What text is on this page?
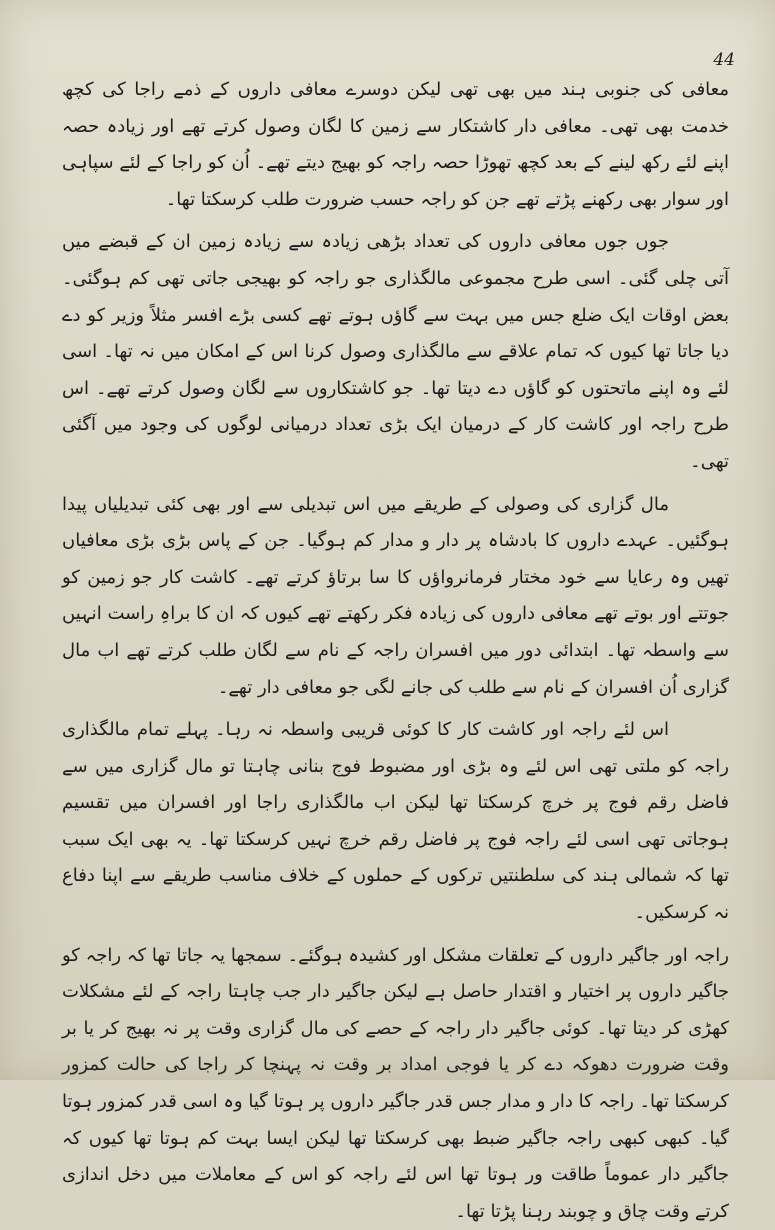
44

معافی کی جنوبی ہند میں بھی تھی لیکن دوسرے معافی داروں کے ذمے راجا کی کچھ خدمت بھی تھی۔ معافی دار کاشتکار سے زمین کا لگان وصول کرتے تھے اور زیادہ حصہ اپنے لئے رکھ لینے کے بعد کچھ تھوڑا حصہ راجہ کو بھیج دیتے تھے۔ اُن کو راجا کے لئے سپاہی اور سوار بھی رکھنے پڑتے تھے جن کو راجہ حسب ضرورت طلب کرسکتا تھا۔

جوں جوں معافی داروں کی تعداد بڑھی زیادہ سے زیادہ زمین ان کے قبضے میں آتی چلی گئی۔ اسی طرح مجموعی مالگذاری جو راجہ کو بھیجی جاتی تھی کم ہوگئی۔ بعض اوقات ایک ضلع جس میں بہت سے گاؤں ہوتے تھے کسی بڑے افسر مثلاً وزیر کو دے دیا جاتا تھا کیوں کہ تمام علاقے سے مالگذاری وصول کرنا اس کے امکان میں نہ تھا۔ اسی لئے وہ اپنے ماتحتوں کو گاؤں دے دیتا تھا۔ جو کاشتکاروں سے لگان وصول کرتے تھے۔ اس طرح راجہ اور کاشت کار کے درمیان ایک بڑی تعداد درمیانی لوگوں کی وجود میں آگئی تھی۔

مال گزاری کی وصولی کے طریقے میں اس تبدیلی سے اور بھی کئی تبدیلیاں پیدا ہوگئیں۔ عہدے داروں کا بادشاہ پر دار و مدار کم ہوگیا۔ جن کے پاس بڑی بڑی معافیاں تھیں وہ رعایا سے خود مختار فرمانرواؤں کا سا برتاؤ کرتے تھے۔ کاشت کار جو زمین کو جوتتے اور بوتے تھے معافی داروں کی زیادہ فکر رکھتے تھے کیوں کہ ان کا براہِ راست انہیں سے واسطہ تھا۔ ابتدائی دور میں افسران راجہ کے نام سے لگان طلب کرتے تھے اب مال گزاری اُن افسران کے نام سے طلب کی جانے لگی جو معافی دار تھے۔

اس لئے راجہ اور کاشت کار کا کوئی قریبی واسطہ نہ رہا۔ پہلے تمام مالگذاری راجہ کو ملتی تھی اس لئے وہ بڑی اور مضبوط فوج بنانی چاہتا تو مال گزاری میں سے فاضل رقم فوج پر خرچ کرسکتا تھا لیکن اب مالگذاری راجا اور افسران میں تقسیم ہوجاتی تھی اسی لئے راجہ فوج پر فاضل رقم خرچ نہیں کرسکتا تھا۔ یہ بھی ایک سبب تھا کہ شمالی ہند کی سلطنتیں ترکوں کے حملوں کے خلاف مناسب طریقے سے اپنا دفاع نہ کرسکیں۔

راجہ اور جاگیر داروں کے تعلقات مشکل اور کشیدہ ہوگئے۔ سمجھا یہ جاتا تھا کہ راجہ کو جاگیر داروں پر اختیار و اقتدار حاصل ہے لیکن جاگیر دار جب چاہتا راجہ کے لئے مشکلات کھڑی کر دیتا تھا۔ کوئی جاگیر دار راجہ کے حصے کی مال گزاری وقت پر نہ بھیج کر یا بر وقت ضرورت دھوکہ دے کر یا فوجی امداد بر وقت نہ پہنچا کر راجا کی حالت کمزور کرسکتا تھا۔ راجہ کا دار و مدار جس قدر جاگیر داروں پر ہوتا گیا وہ اسی قدر کمزور ہوتا گیا۔ کبھی کبھی راجہ جاگیر ضبط بھی کرسکتا تھا لیکن ایسا بہت کم ہوتا تھا کیوں کہ جاگیر دار عموماً طاقت ور ہوتا تھا اس لئے راجہ کو اس کے معاملات میں دخل اندازی کرتے وقت چاق و چوبند رہنا پڑتا تھا۔
